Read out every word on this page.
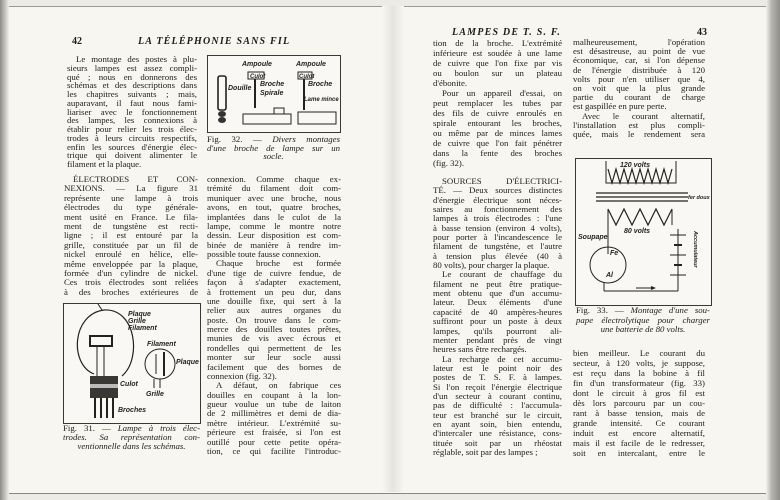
42	LA TÉLÉPHONIE SANS FIL
Le montage des postes à plu-
sieurs lampes est assez compli-
qué ; nous en donnerons des
schémas et des descriptions dans
les chapitres suivants ; mais,
auparavant, il faut nous fami-
liariser avec le fonctionnement
des lampes, les connexions à
établir pour relier les trois élec-
trodes à leurs circuits respectifs,
enfin les sources d'énergie élec-
trique qui doivent alimenter le
filament et la plaque.
Douille
Ampoule
Culot
Broche
Spirale
Ampoule
Culot
Broche
Lame mince
Fig. 32. — Divers montages
d'une broche de lampe sur un
socle.
ÉLECTRODES ET CON-
NEXIONS. — La figure 31
représente une lampe à trois
électrodes du type générale-
ment usité en France. Le fila-
ment de tungstène est recti-
ligne ; il est entouré par la
grille, constituée par un fil de
nickel enroulé en hélice, elle-
même enveloppée par la plaque,
formée d'un cylindre de nickel.
Ces trois électrodes sont reliées
à des broches extérieures de
connexion. Comme chaque ex-
trémité du filament doit com-
muniquer avec une broche, nous
avons, en tout, quatre broches,
implantées dans le culot de la
lampe, comme le montre notre
dessin. Leur disposition est com-
binée de manière à rendre im-
possible toute fausse connexion.
Chaque broche est formée
d'une tige de cuivre fendue, de
façon à s'adapter exactement,
à frottement un peu dur, dans
une douille fixe, qui sert à la
relier aux autres organes du
poste. On trouve dans le com-
merce des douilles toutes prêtes,
munies de vis avec écrous et
rondelles qui permettent de les
monter sur leur socle aussi
facilement que des bornes de
connexion (fig. 32).
A défaut, on fabrique ces
douilles en coupant à la lon-
gueur voulue un tube de laiton
de 2 millimètres et demi de dia-
mètre intérieur. L'extrémité su-
périeure est fraisée, si l'on est
outillé pour cette petite opéra-
tion, ce qui facilite l'introduc-
Plaque
Grille
Filament
Filament
Plaque
Culot
Grille
Broches
Fig. 31. — Lampe à trois élec-
trodes. Sa représentation con-
ventionnelle dans les schémas.
LAMPES DE T. S. F.	43
tion de la broche. L'extrémité
inférieure est soudée à une lame
de cuivre que l'on fixe par vis
ou boulon sur un plateau
d'ébonite.
Pour un appareil d'essai, on
peut remplacer les tubes par
des fils de cuivre enroulés en
spirale entourant les broches,
ou même par de minces lames
de cuivre que l'on fait pénétrer
dans la fente des broches
(fig. 32).
malheureusement, l'opération
est désastreuse, au point de vue
économique, car, si l'on dépense
de l'énergie distribuée à 120
volts pour n'en utiliser que 4,
on voit que la plus grande
partie du courant de charge
est gaspillée en pure perte.
Avec le courant alternatif,
l'installation est plus compli-
quée, mais le rendement sera
120 volts
fer doux
80 volts
Soupape
Fe
Al
Accumulateur
Fig. 33. — Montage d'une sou-
pape électrolytique pour charger
une batterie de 80 volts.
SOURCES D'ÉLECTRICI-
TÉ. — Deux sources distinctes
d'énergie électrique sont néces-
saires au fonctionnement des
lampes à trois électrodes : l'une
à basse tension (environ 4 volts),
pour porter à l'incandescence le
filament de tungstène, et l'autre
à tension plus élevée (40 à
80 volts), pour charger la plaque.
Le courant de chauffage du
filament ne peut être pratique-
ment obtenu que d'un accumu-
lateur. Deux éléments d'une
capacité de 40 ampères-heures
suffiront pour un poste à deux
lampes, qu'ils pourront ali-
menter pendant près de vingt
heures sans être rechargés.
La recharge de cet accumu-
lateur est le point noir des
postes de T. S. F. à lampes.
Si l'on reçoit l'énergie électrique
d'un secteur à courant continu,
pas de difficulté : l'accumula-
teur est branché sur le circuit,
en ayant soin, bien entendu,
d'intercaler une résistance, cons-
tituée soit par un rhéostat
réglable, soit par des lampes ;
bien meilleur. Le courant du
secteur, à 120 volts, je suppose,
est reçu dans la bobine à fil
fin d'un transformateur (fig. 33)
dont le circuit à gros fil est
dès lors parcouru par un cou-
rant à basse tension, mais de
grande intensité. Ce courant
induit est encore alternatif,
mais il est facile de le redresser,
soit en intercalant, entre le
